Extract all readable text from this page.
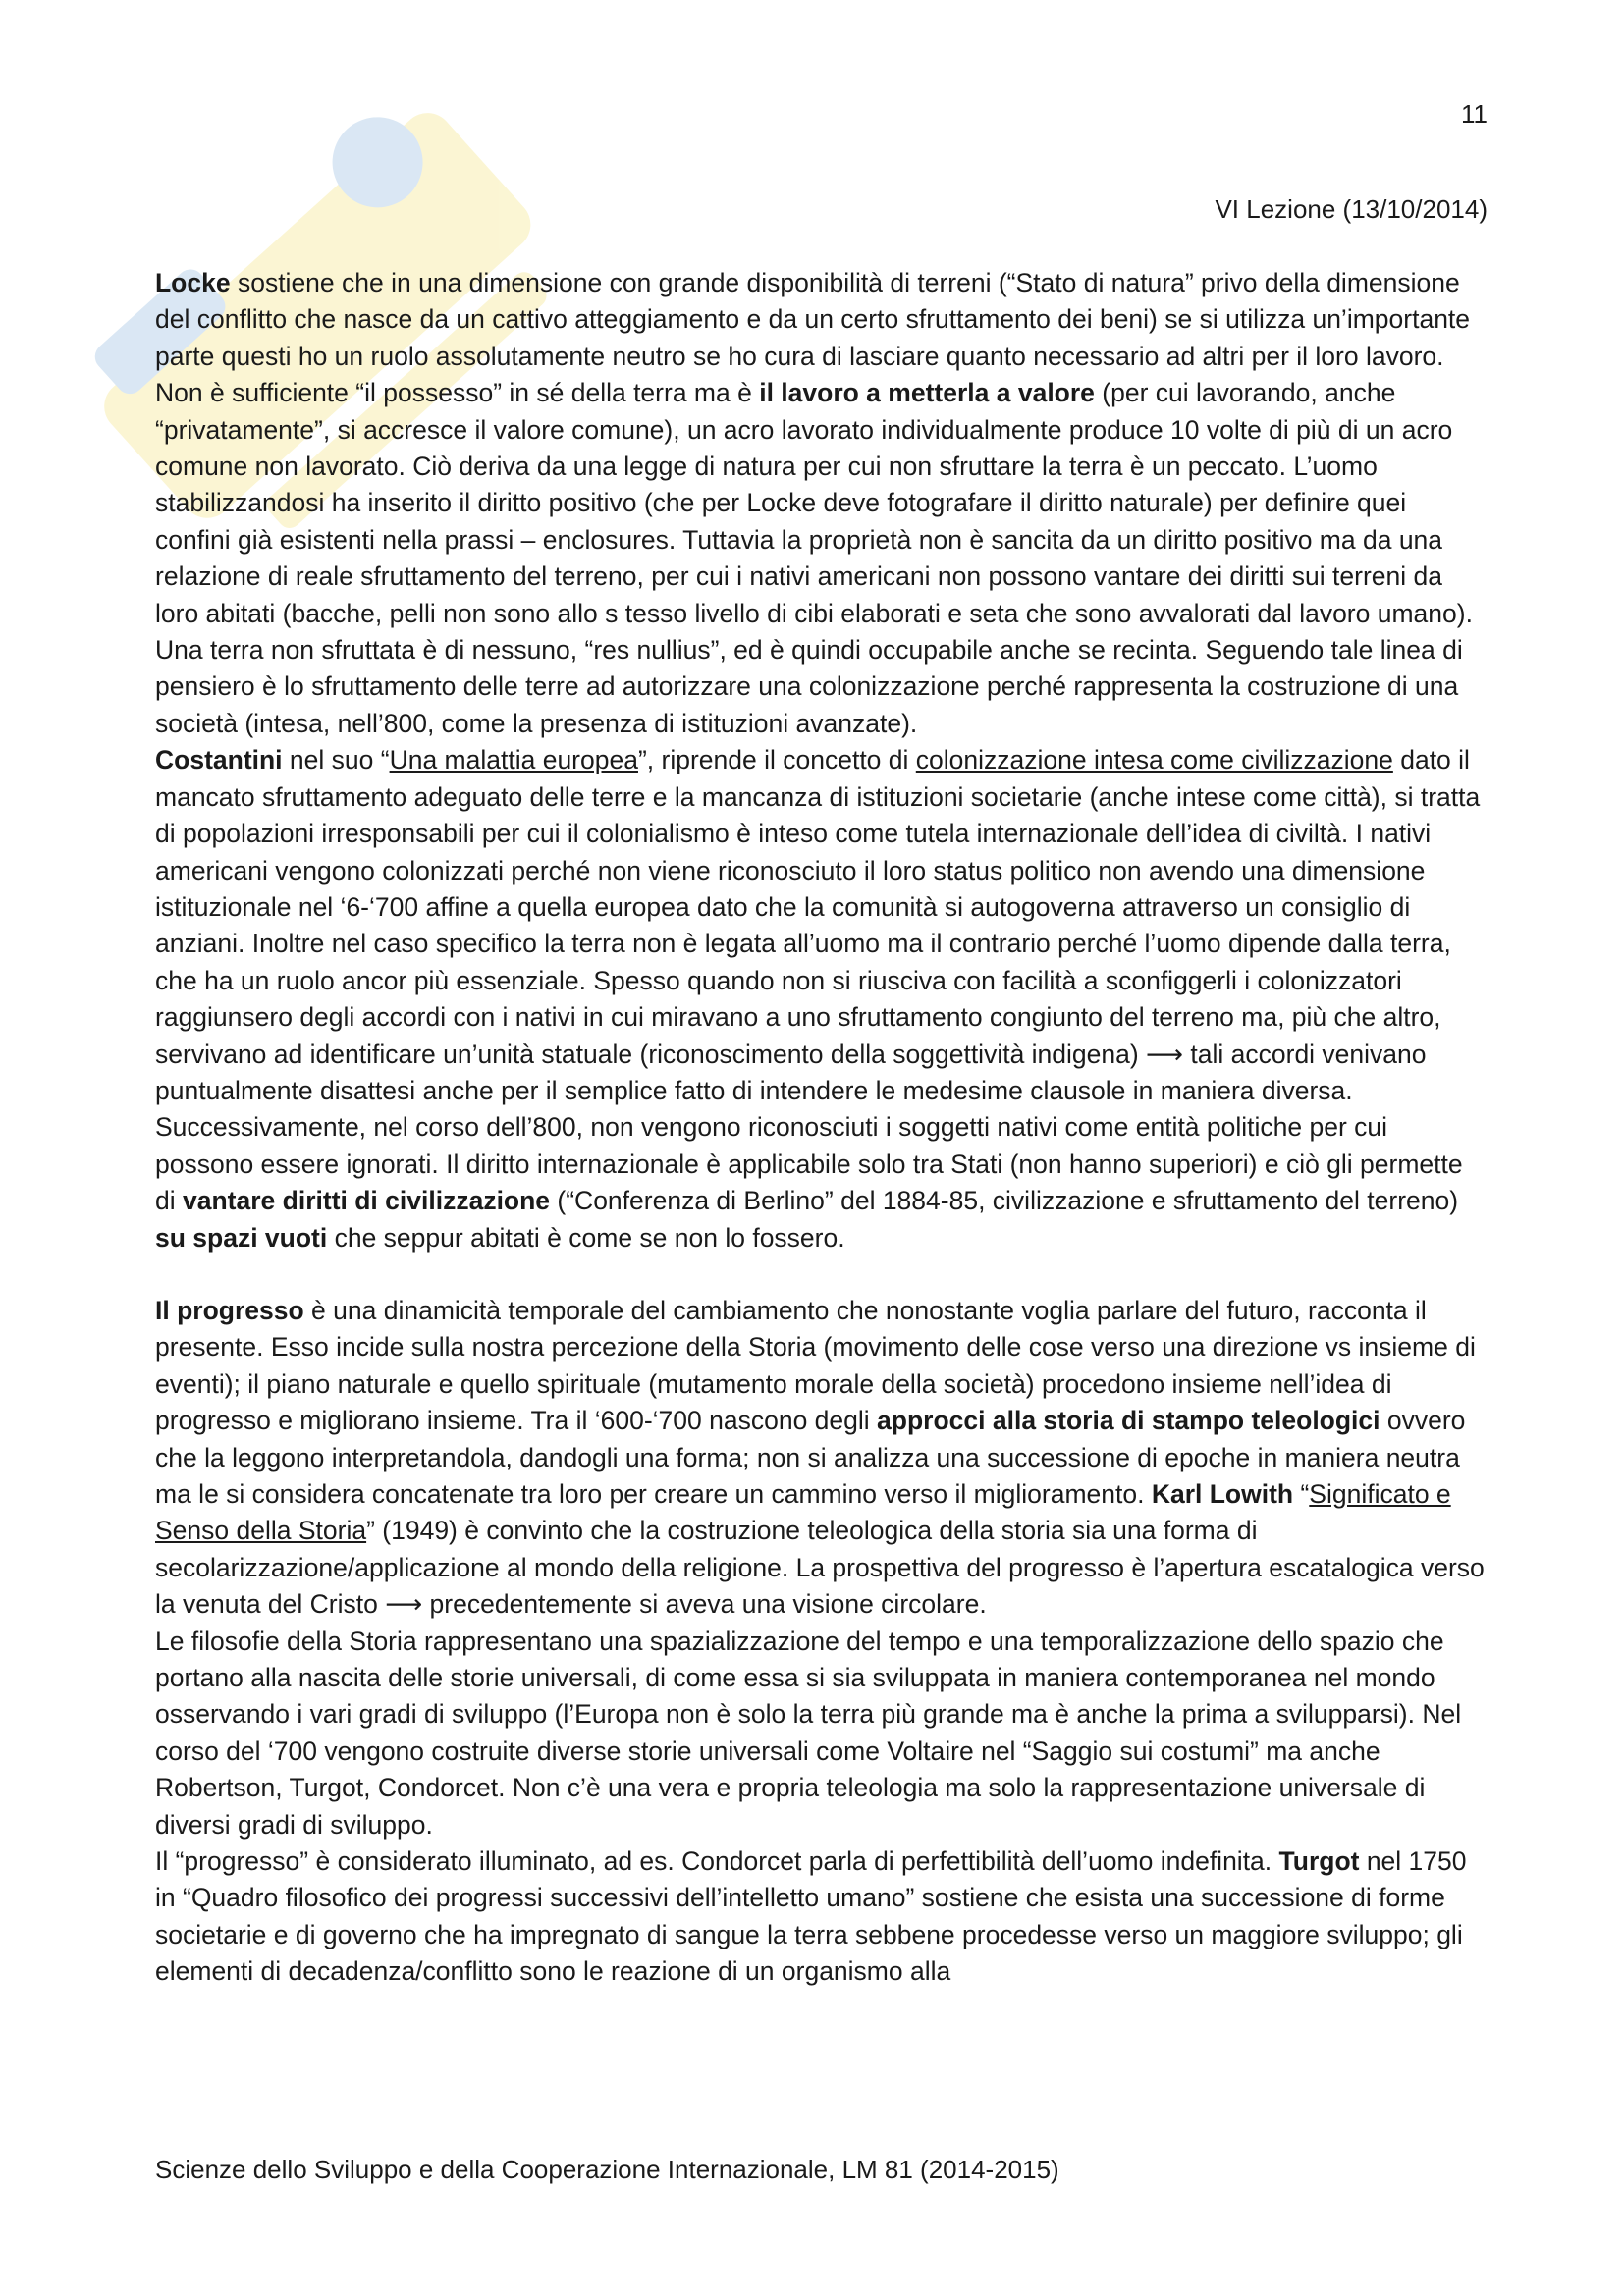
11
VI Lezione (13/10/2014)

Locke sostiene che in una dimensione con grande disponibilità di terreni (“Stato di natura” privo della dimensione del conflitto che nasce da un cattivo atteggiamento e da un certo sfruttamento dei beni) se si utilizza un’importante parte questi ho un ruolo assolutamente neutro se ho cura di lasciare quanto necessario ad altri per il loro lavoro. Non è sufficiente “il possesso” in sé della terra ma è il lavoro a metterla a valore (per cui lavorando, anche “privatamente”, si accresce il valore comune), un acro lavorato individualmente produce 10 volte di più di un acro comune non lavorato. Ciò deriva da una legge di natura per cui non sfruttare la terra è un peccato. L’uomo stabilizzandosi ha inserito il diritto positivo (che per Locke deve fotografare il diritto naturale) per definire quei confini già esistenti nella prassi – enclosures. Tuttavia la proprietà non è sancita da un diritto positivo ma da una relazione di reale sfruttamento del terreno, per cui i nativi americani non possono vantare dei diritti sui terreni da loro abitati (bacche, pelli non sono allo s tesso livello di cibi elaborati e seta che sono avvalorati dal lavoro umano). Una terra non sfruttata è di nessuno, “res nullius”, ed è quindi occupabile anche se recinta. Seguendo tale linea di pensiero è lo sfruttamento delle terre ad autorizzare una colonizzazione perché rappresenta la costruzione di una società (intesa, nell’800, come la presenza di istituzioni avanzate).

Costantini nel suo “Una malattia europea”, riprende il concetto di colonizzazione intesa come civilizzazione dato il mancato sfruttamento adeguato delle terre e la mancanza di istituzioni societarie (anche intese come città), si tratta di popolazioni irresponsabili per cui il colonialismo è inteso come tutela internazionale dell’idea di civiltà. I nativi americani vengono colonizzati perché non viene riconosciuto il loro status politico non avendo una dimensione istituzionale nel ‘6-‘700 affine a quella europea dato che la comunità si autogoverna attraverso un consiglio di anziani. Inoltre nel caso specifico la terra non è legata all’uomo ma il contrario perché l’uomo dipende dalla terra, che ha un ruolo ancor più essenziale. Spesso quando non si riusciva con facilità a sconfiggerli i colonizzatori raggiunsero degli accordi con i nativi in cui miravano a uno sfruttamento congiunto del terreno ma, più che altro, servivano ad identificare un’unità statuale (riconoscimento della soggettività indigena) ⟶ tali accordi venivano puntualmente disattesi anche per il semplice fatto di intendere le medesime clausole in maniera diversa.

Successivamente, nel corso dell’800, non vengono riconosciuti i soggetti nativi come entità politiche per cui possono essere ignorati. Il diritto internazionale è applicabile solo tra Stati (non hanno superiori) e ciò gli permette di vantare diritti di civilizzazione (“Conferenza di Berlino” del 1884-85, civilizzazione e sfruttamento del terreno) su spazi vuoti che seppur abitati è come se non lo fossero.

Il progresso è una dinamicità temporale del cambiamento che nonostante voglia parlare del futuro, racconta il presente. Esso incide sulla nostra percezione della Storia (movimento delle cose verso una direzione vs insieme di eventi); il piano naturale e quello spirituale (mutamento morale della società) procedono insieme nell’idea di progresso e migliorano insieme. Tra il ‘600-‘700 nascono degli approcci alla storia di stampo teleologici ovvero che la leggono interpretandola, dandogli una forma; non si analizza una successione di epoche in maniera neutra ma le si considera concatenate tra loro per creare un cammino verso il miglioramento. Karl Lowith “Significato e Senso della Storia” (1949) è convinto che la costruzione teleologica della storia sia una forma di secolarizzazione/applicazione al mondo della religione. La prospettiva del progresso è l’apertura escatalogica verso la venuta del Cristo ⟶ precedentemente si aveva una visione circolare.

Le filosofie della Storia rappresentano una spazializzazione del tempo e una temporalizzazione dello spazio che portano alla nascita delle storie universali, di come essa si sia sviluppata in maniera contemporanea nel mondo osservando i vari gradi di sviluppo (l’Europa non è solo la terra più grande ma è anche la prima a svilupparsi). Nel corso del ‘700 vengono costruite diverse storie universali come Voltaire nel “Saggio sui costumi” ma anche Robertson, Turgot, Condorcet. Non c’è una vera e propria teleologia ma solo la rappresentazione universale di diversi gradi di sviluppo.

Il “progresso” è considerato illuminato, ad es. Condorcet parla di perfettibilità dell’uomo indefinita. Turgot nel 1750 in “Quadro filosofico dei progressi successivi dell’intelletto umano” sostiene che esista una successione di forme societarie e di governo che ha impregnato di sangue la terra sebbene procedesse verso un maggiore sviluppo; gli elementi di decadenza/conflitto sono le reazione di un organismo alla

Scienze dello Sviluppo e della Cooperazione Internazionale, LM 81 (2014-2015)
